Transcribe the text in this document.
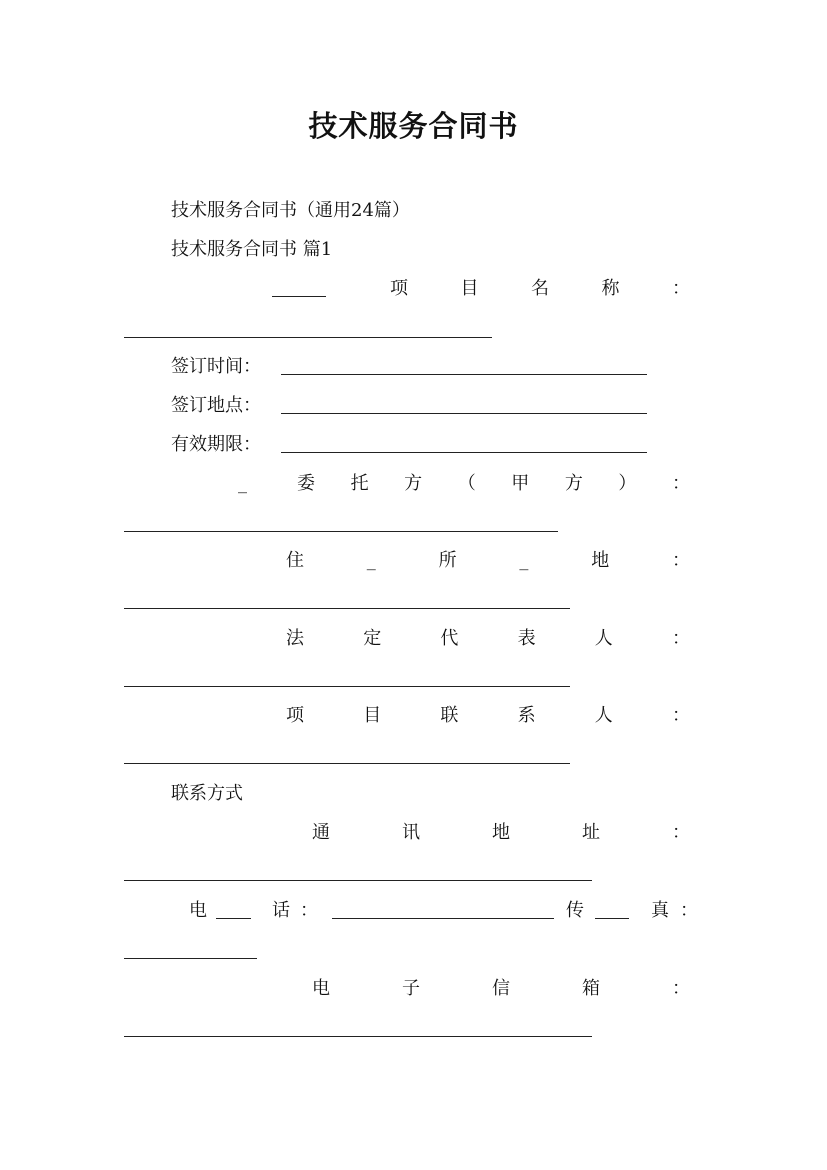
技术服务合同书
技术服务合同书（通用24篇）
技术服务合同书 篇1
项	目	名	称	：
签订时间：
签订地点：
有效期限：
_	委 托 方 （ 甲 方 ） ：
住	_	所	_	地	：
法	定	代	表	人	：
项	目	联	系	人	：
联系方式
通	讯	地	址	：
电	话 ：	传	真 ：
电	子	信	箱	：
